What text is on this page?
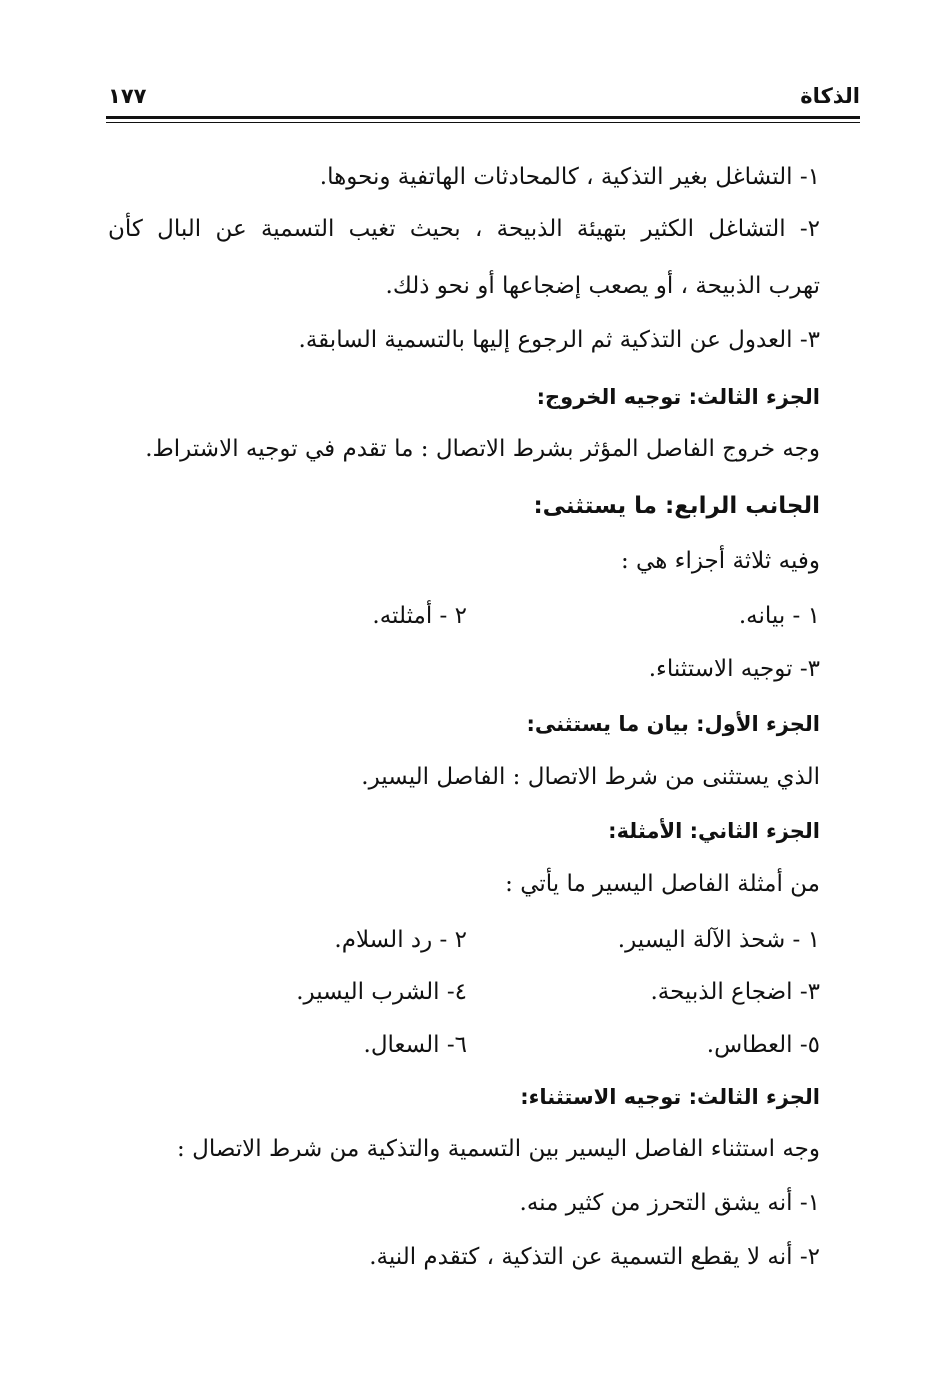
الذكاة
١٧٧
١- التشاغل بغير التذكية ، كالمحادثات الهاتفية ونحوها.
٢- التشاغل الكثير بتهيئة الذبيحة ، بحيث تغيب التسمية عن البال كأن
تهرب الذبيحة ، أو يصعب إضجاعها أو نحو ذلك.
٣- العدول عن التذكية ثم الرجوع إليها بالتسمية السابقة.
الجزء الثالث: توجيه الخروج:
وجه خروج الفاصل المؤثر بشرط الاتصال : ما تقدم في توجيه الاشتراط.
الجانب الرابع: ما يستثنى:
وفيه ثلاثة أجزاء هي :
١ - بيانه.
٢ - أمثلته.
٣- توجيه الاستثناء.
الجزء الأول: بيان ما يستثنى:
الذي يستثنى من شرط الاتصال : الفاصل اليسير.
الجزء الثاني: الأمثلة:
من أمثلة الفاصل اليسير ما يأتي :
١ - شحذ الآلة اليسير.
٢ - رد السلام.
٣- اضجاع الذبيحة.
٤- الشرب اليسير.
٥- العطاس.
٦- السعال.
الجزء الثالث: توجيه الاستثناء:
وجه استثناء الفاصل اليسير بين التسمية والتذكية من شرط الاتصال :
١- أنه يشق التحرز من كثير منه.
٢- أنه لا يقطع التسمية عن التذكية ، كتقدم النية.
